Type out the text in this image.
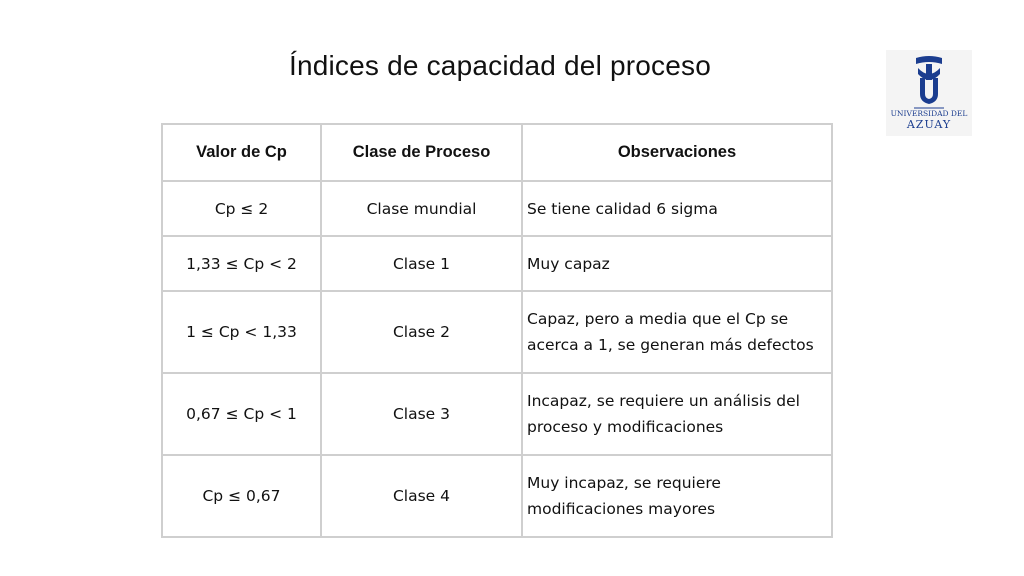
Índices de capacidad del proceso
UNIVERSIDAD DEL
AZUAY
Valor de Cp	Clase de Proceso	Observaciones
Cp ≤ 2	Clase mundial	Se tiene calidad 6 sigma
1,33 ≤ Cp < 2	Clase 1	Muy capaz
1 ≤ Cp < 1,33	Clase 2	Capaz, pero a media que el Cp se acerca a 1, se generan más defectos
0,67 ≤ Cp < 1	Clase 3	Incapaz, se requiere un análisis del proceso y modificaciones
Cp ≤ 0,67	Clase 4	Muy incapaz, se requiere modificaciones mayores
